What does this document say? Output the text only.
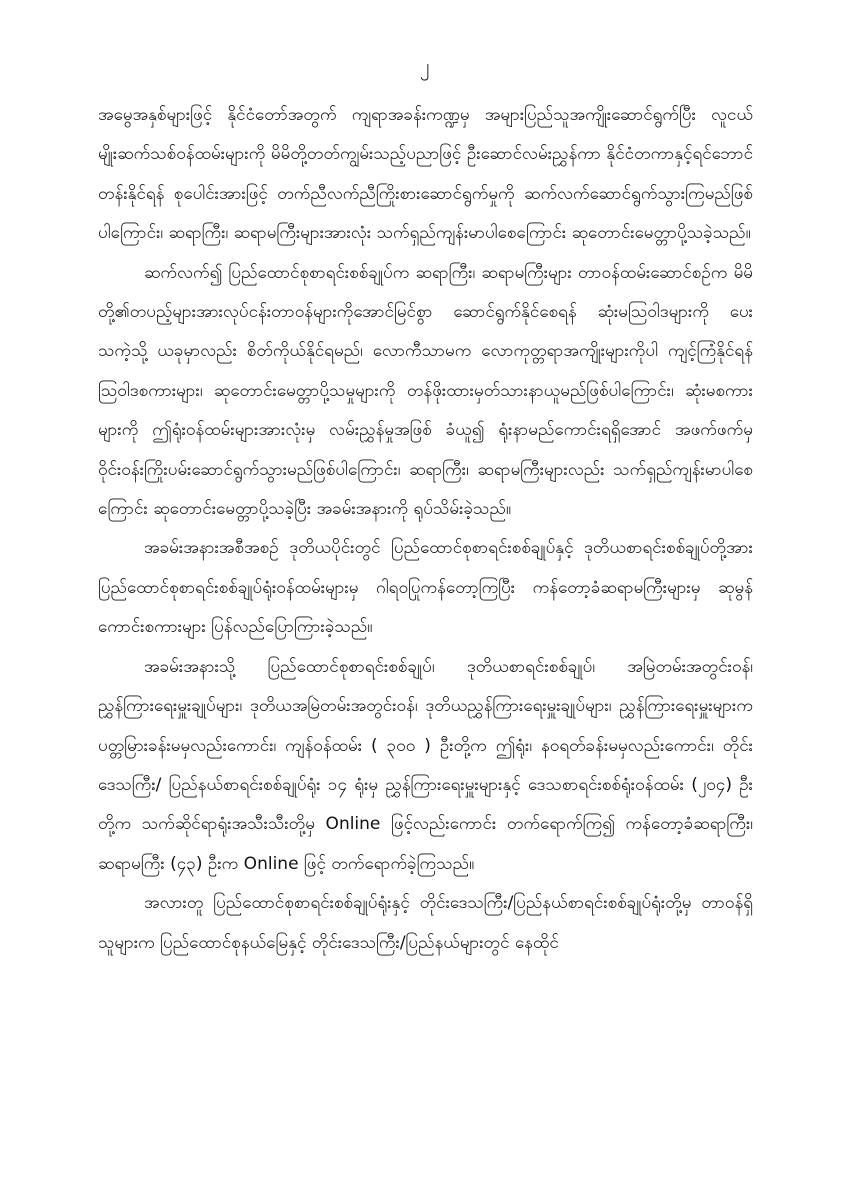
၂

အမွေအနှစ်များဖြင့် နိုင်ငံတော်အတွက် ကျရာအခန်းကဏ္ဍမှ အများပြည်သူအကျိုးဆောင်ရွက်ပြီး လူငယ်မျိုးဆက်သစ်ဝန်ထမ်းများကို မိမိတို့တတ်ကျွမ်းသည့်ပညာဖြင့် ဦးဆောင်လမ်းညွှန်ကာ နိုင်ငံတကာနှင့်ရင်ဘောင်တန်းနိုင်ရန် စုပေါင်းအားဖြင့် တက်ညီလက်ညီကြိုးစားဆောင်ရွက်မှုကို ဆက်လက်ဆောင်ရွက်သွားကြမည်ဖြစ်ပါကြောင်း၊ ဆရာကြီး၊ ဆရာမကြီးများအားလုံး သက်ရှည်ကျန်းမာပါစေကြောင်း ဆုတောင်းမေတ္တာပို့သခဲ့သည်။

ဆက်လက်၍ ပြည်ထောင်စုစာရင်းစစ်ချုပ်က ဆရာကြီး၊ ဆရာမကြီးများ တာဝန်ထမ်းဆောင်စဉ်က မိမိတို့၏တပည့်များအားလုပ်ငန်းတာဝန်များကိုအောင်မြင်စွာ ဆောင်ရွက်နိုင်စေရန် ဆုံးမဩဝါဒများကို ပေးသကဲ့သို့ ယခုမှာလည်း စိတ်ကိုယ်နိုင်ရမည်၊ လောကီသာမက လောကုတ္တရာအကျိုးများကိုပါ ကျင့်ကြံနိုင်ရန် ဩဝါဒစကားများ၊ ဆုတောင်းမေတ္တာပို့သမှုများကို တန်ဖိုးထားမှတ်သားနာယူမည်ဖြစ်ပါကြောင်း၊ ဆုံးမစကားများကို ဤရုံးဝန်ထမ်းများအားလုံးမှ လမ်းညွှန်မှုအဖြစ် ခံယူ၍ ရုံးနာမည်ကောင်းရရှိအောင် အဖက်ဖက်မှ ဝိုင်းဝန်းကြိုးပမ်းဆောင်ရွက်သွားမည်ဖြစ်ပါကြောင်း၊ ဆရာကြီး၊ ဆရာမကြီးများလည်း သက်ရှည်ကျန်းမာပါစေကြောင်း ဆုတောင်းမေတ္တာပို့သခဲ့ပြီး အခမ်းအနားကို ရုပ်သိမ်းခဲ့သည်။

အခမ်းအနားအစီအစဉ် ဒုတိယပိုင်းတွင် ပြည်ထောင်စုစာရင်းစစ်ချုပ်နှင့် ဒုတိယစာရင်းစစ်ချုပ်တို့အား ပြည်ထောင်စုစာရင်းစစ်ချုပ်ရုံးဝန်ထမ်းများမှ ဂါရဝပြုကန်တော့ကြပြီး ကန်တော့ခံဆရာမကြီးများမှ ဆုမွန်ကောင်းစကားများ ပြန်လည်ပြောကြားခဲ့သည်။

အခမ်းအနားသို့ ပြည်ထောင်စုစာရင်းစစ်ချုပ်၊ ဒုတိယစာရင်းစစ်ချုပ်၊ အမြဲတမ်းအတွင်းဝန်၊ ညွှန်ကြားရေးမှူးချုပ်များ၊ ဒုတိယအမြဲတမ်းအတွင်းဝန်၊ ဒုတိယညွှန်ကြားရေးမှူးချုပ်များ၊ ညွှန်ကြားရေးမှူးများက ပတ္တမြားခန်းမမှလည်းကောင်း၊ ကျန်ဝန်ထမ်း ( ၃၀၀ ) ဦးတို့က ဤရုံး၊ နဝရတ်ခန်းမမှလည်းကောင်း၊ တိုင်းဒေသကြီး/ ပြည်နယ်စာရင်းစစ်ချုပ်ရုံး ၁၄ ရုံးမှ ညွှန်ကြားရေးမှူးများနှင့် ဒေသစာရင်းစစ်ရုံးဝန်ထမ်း (၂၀၄) ဦးတို့က သက်ဆိုင်ရာရုံးအသီးသီးတို့မှ Online ဖြင့်လည်းကောင်း တက်ရောက်ကြ၍ ကန်တော့ခံဆရာကြီး၊ ဆရာမကြီး (၄၃) ဦးက Online ဖြင့် တက်ရောက်ခဲ့ကြသည်။

အလားတူ ပြည်ထောင်စုစာရင်းစစ်ချုပ်ရုံးနှင့် တိုင်းဒေသကြီး/ပြည်နယ်စာရင်းစစ်ချုပ်ရုံးတို့မှ တာဝန်ရှိသူများက ပြည်ထောင်စုနယ်မြေနှင့် တိုင်းဒေသကြီး/ပြည်နယ်များတွင် နေထိုင်
